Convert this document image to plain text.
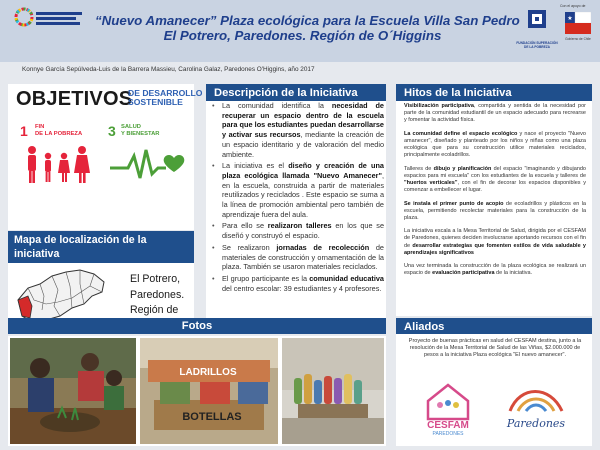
“Nuevo Amanecer” Plaza ecológica para la Escuela Villa San Pedro
El Potrero, Paredones. Región de O´Higgins	FUNDACIÓN SUPERACIÓN DE LA POBREZA
Con el apoyo de
★
Gobierno de Chile
Konnye García Sepúlveda-Luis de la Barrera Massieu, Carolina Galaz, Paredones O'Higgins, año 2017
OBJETIVOS
DE DESARROLLO
SOSTENIBLE
1 FIN
DE LA POBREZA 3 SALUD
Y BIENESTAR
Mapa de localización de la iniciativa
El Potrero,
Paredones.
Región de
Descripción de la Iniciativa
• La comunidad identifica la necesidad de recuperar un espacio dentro de la escuela para que los estudiantes puedan desarrollarse y activar sus recursos, mediante la creación de un espacio identitario y de valoración del medio ambiente.
• La iniciativa es el diseño y creación de una plaza ecológica llamada "Nuevo Amanecer", en la escuela, construida a partir de materiales reutilizados y reciclados . Este espacio se suma a la línea de promoción ambiental pero también de aprendizaje fuera del aula.
• Para ello se realizaron talleres en los que se diseñó y construyó el espacio.
• Se realizaron jornadas de recolección de materiales de construcción y ornamentación de la plaza. También se usaron materiales reciclados.
• El grupo participante es la comunidad educativa del centro escolar: 39 estudiantes y 4 profesores.
Hitos de la Iniciativa

Visibilización participativa, compartida y sentida de la necesidad por parte de la comunidad estudiantil de un espacio adecuado para recrearse y fomentar la actividad física.

La comunidad define el espacio ecológico y nace el proyecto "Nuevo amanecer", diseñado y planteado por los niños y niñas como una plaza ecológica que para su construcción utilice materiales reciclados, principalmente ecoladrillos.

Talleres de dibujo y planificación del espacio "imaginando y dibujando espacios para mi escuela" con los estudiantes de la escuela y talleres de "huertos verticales", con el fin de decorar los espacios disponibles y comenzar a embellecer el lugar.

Se instala el primer punto de acopio de ecoladrillos y plásticos en la escuela, permitiendo recolectar materiales para la construcción de la plaza.

La iniciativa escala a la Mesa Territorial de Salud, dirigida por el CESFAM de Paredones, quienes deciden involucrarse aportando recursos con el fin de desarrollar estrategias que fomenten estilos de vida saludable y aprendizajes significativos

Una vez terminada la construcción de la plaza ecológica se realizará un espacio de evaluación participativa de la iniciativa.

Fotos
LADRILLOS
BOTELLAS
Aliados
Proyecto de buenas prácticas en salud del CESFAM destina, junto a la resolución de la Mesa Territorial de Salud de las Viñas, $2.000.000 de pesos a la iniciativa Plaza ecológica "El nuevo amanecer".
CESFAM
PAREDONES
Paredones
